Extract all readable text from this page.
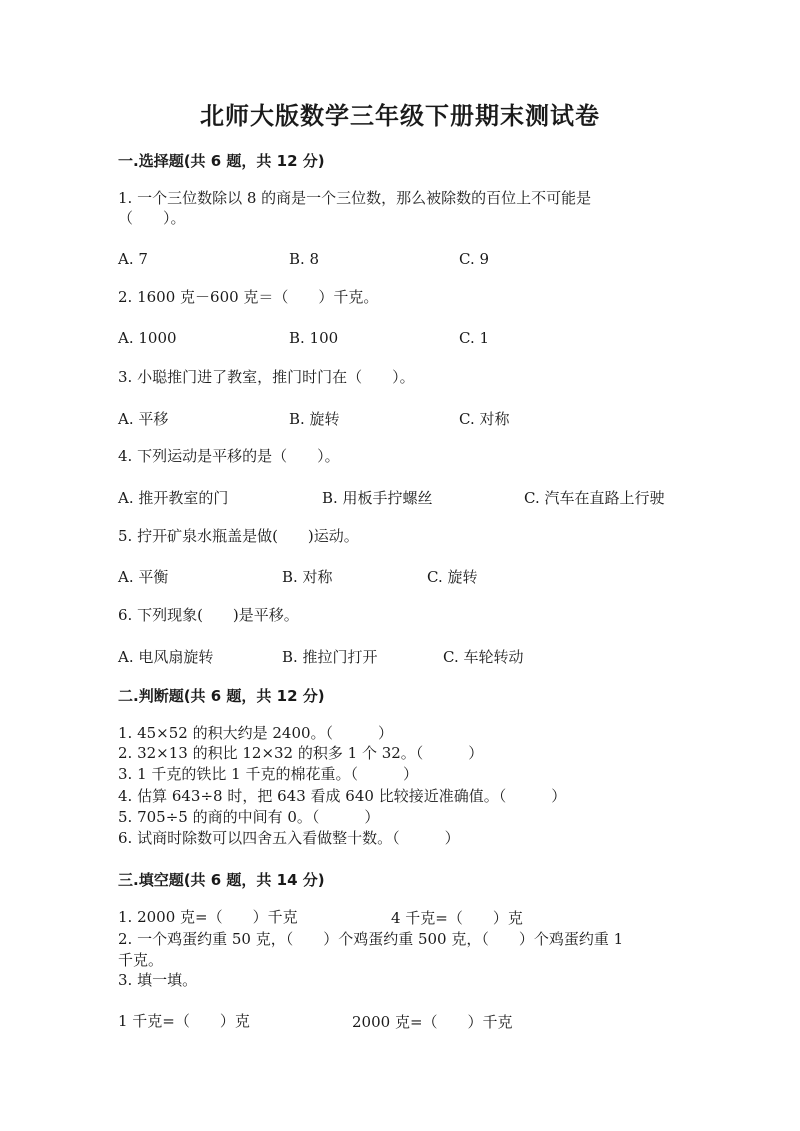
北师大版数学三年级下册期末测试卷
一.选择题(共 6 题，共 12 分)
1. 一个三位数除以 8 的商是一个三位数，那么被除数的百位上不可能是
（　　）。
A. 7	B. 8	C. 9
2. 1600 克－600 克＝（　　）千克。
A. 1000	B. 100	C. 1
3. 小聪推门进了教室，推门时门在（　　）。
A. 平移	B. 旋转	C. 对称
4. 下列运动是平移的是（　　）。
A. 推开教室的门	B. 用板手拧螺丝	C. 汽车在直路上行驶
5. 拧开矿泉水瓶盖是做(　　)运动。
A. 平衡	B. 对称	C. 旋转
6. 下列现象(　　)是平移。
A. 电风扇旋转	B. 推拉门打开	C. 车轮转动
二.判断题(共 6 题，共 12 分)
1. 45×52 的积大约是 2400。（　　　）
2. 32×13 的积比 12×32 的积多 1 个 32。（　　　）
3. 1 千克的铁比 1 千克的棉花重。（　　　）
4. 估算 643÷8 时，把 643 看成 640 比较接近准确值。（　　　）
5. 705÷5 的商的中间有 0。（　　　）
6. 试商时除数可以四舍五入看做整十数。（　　　）
三.填空题(共 6 题，共 14 分)
1. 2000 克=（　　）千克	4 千克=（　　）克
2. 一个鸡蛋约重 50 克，（　　）个鸡蛋约重 500 克，（　　）个鸡蛋约重 1
千克。
3. 填一填。
1 千克=（　　）克	2000 克=（　　）千克
